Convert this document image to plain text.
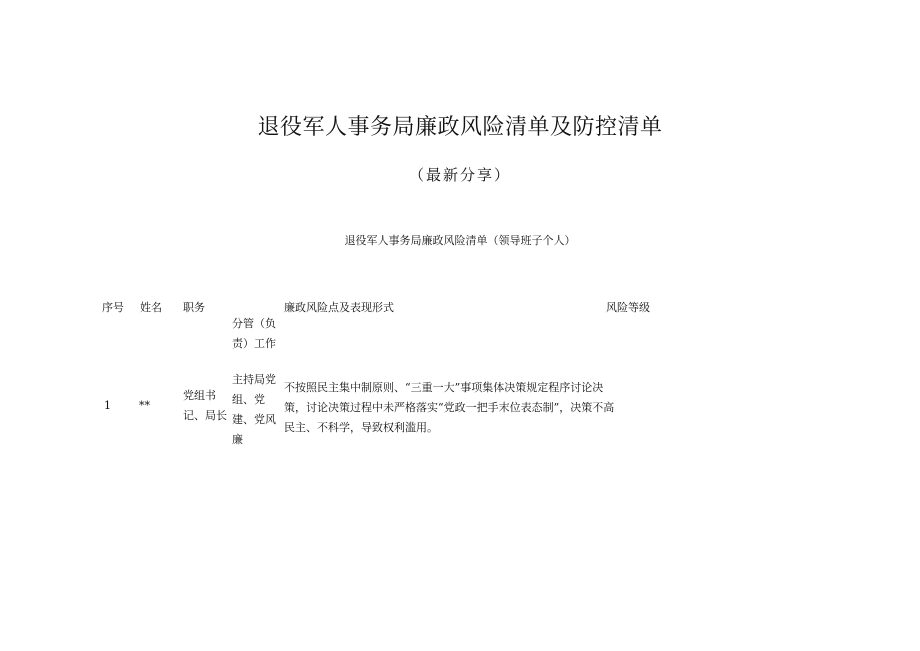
退役军人事务局廉政风险清单及防控清单
（最新分享）
退役军人事务局廉政风险清单（领导班子个人）
序号 姓名 职务
分管（负责）工作
廉政风险点及表现形式	风险等级
1	**
党组书记、局长
主持局党组、党建、党风廉
不按照民主集中制原则、“三重一大”事项集体决策规定程序讨论决策，讨论决策过程中未严格落实“党政一把手末位表态制”，决策不高民主、不科学，导致权利滥用。
